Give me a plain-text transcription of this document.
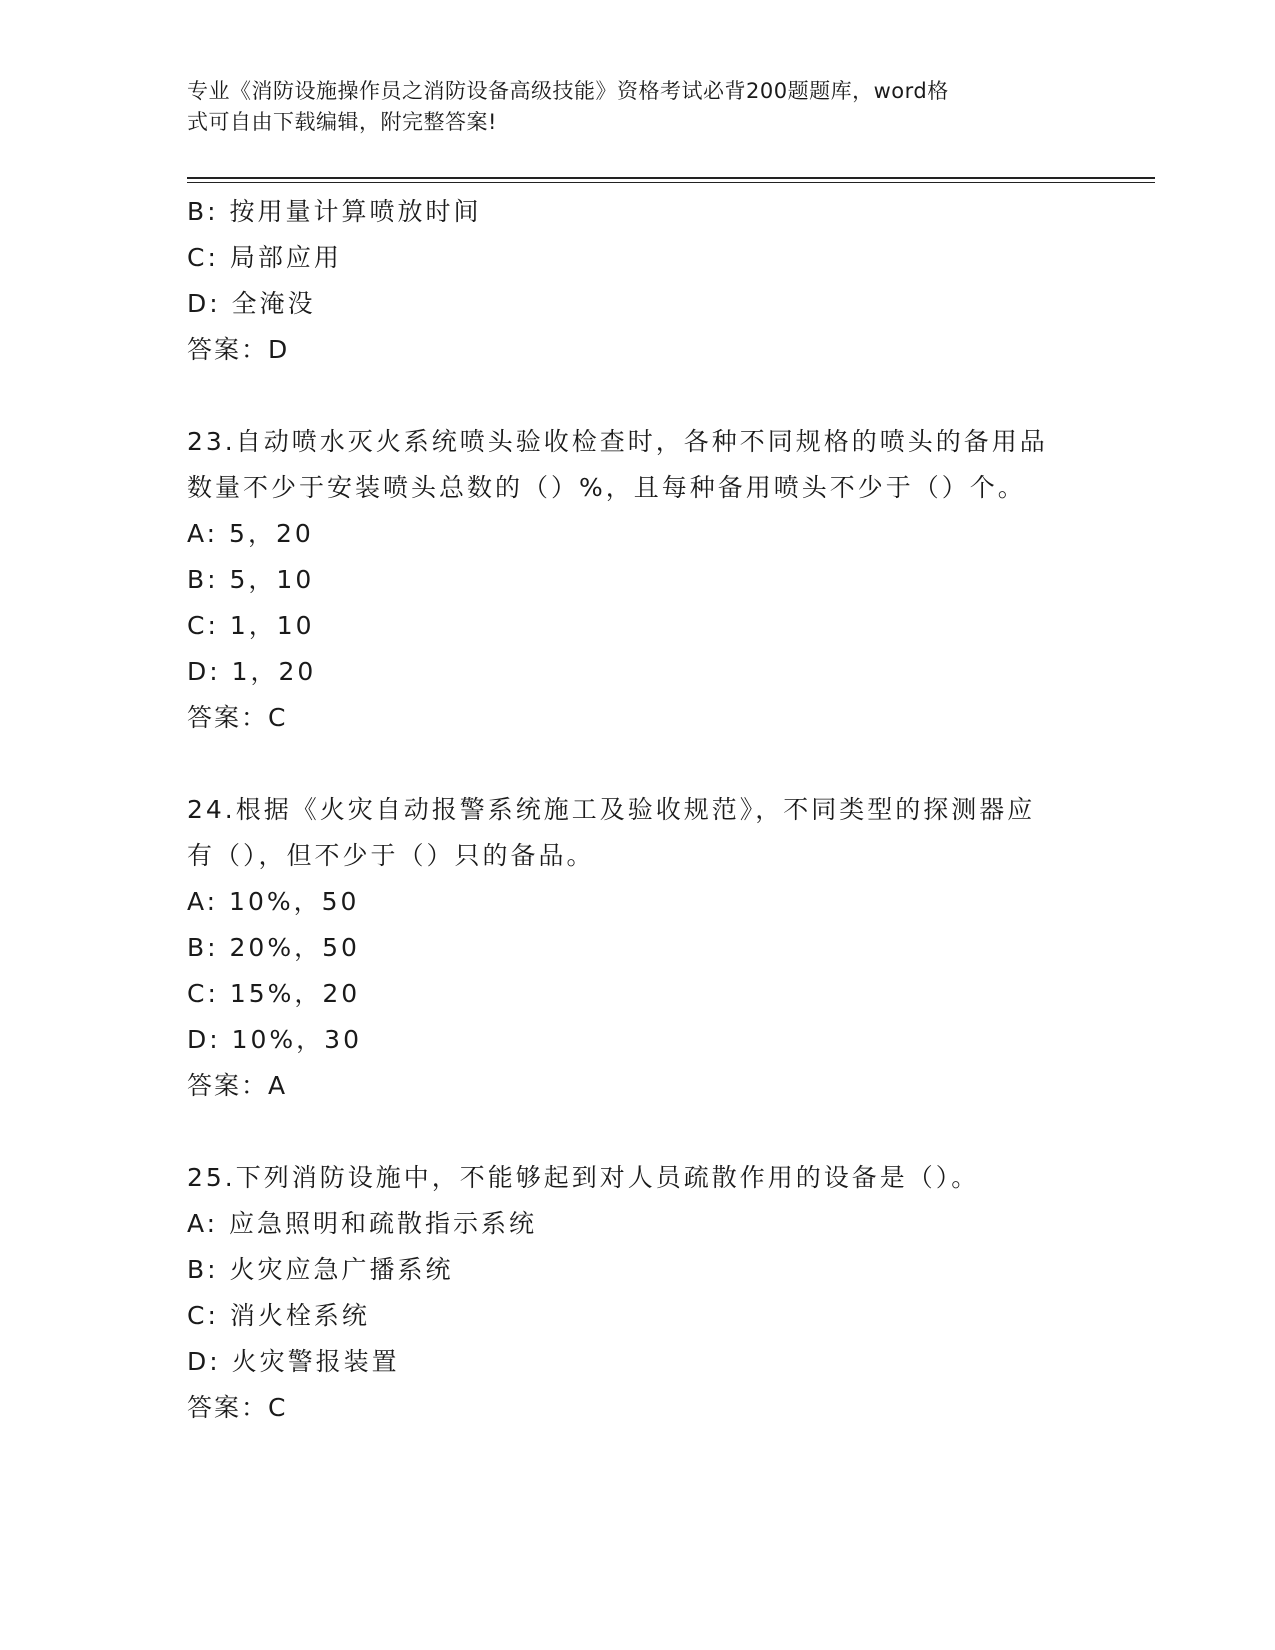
专业《消防设施操作员之消防设备高级技能》资格考试必背200题题库，word格
式可自由下载编辑，附完整答案!
B: 按用量计算喷放时间
C: 局部应用
D: 全淹没
答案：D
23.自动喷水灭火系统喷头验收检查时，各种不同规格的喷头的备用品
数量不少于安装喷头总数的（）%，且每种备用喷头不少于（）个。
A: 5，20
B: 5，10
C: 1，10
D: 1，20
答案：C
24.根据《火灾自动报警系统施工及验收规范》，不同类型的探测器应
有（），但不少于（）只的备品。
A: 10%，50
B: 20%，50
C: 15%，20
D: 10%，30
答案：A
25.下列消防设施中，不能够起到对人员疏散作用的设备是（）。
A: 应急照明和疏散指示系统
B: 火灾应急广播系统
C: 消火栓系统
D: 火灾警报装置
答案：C
